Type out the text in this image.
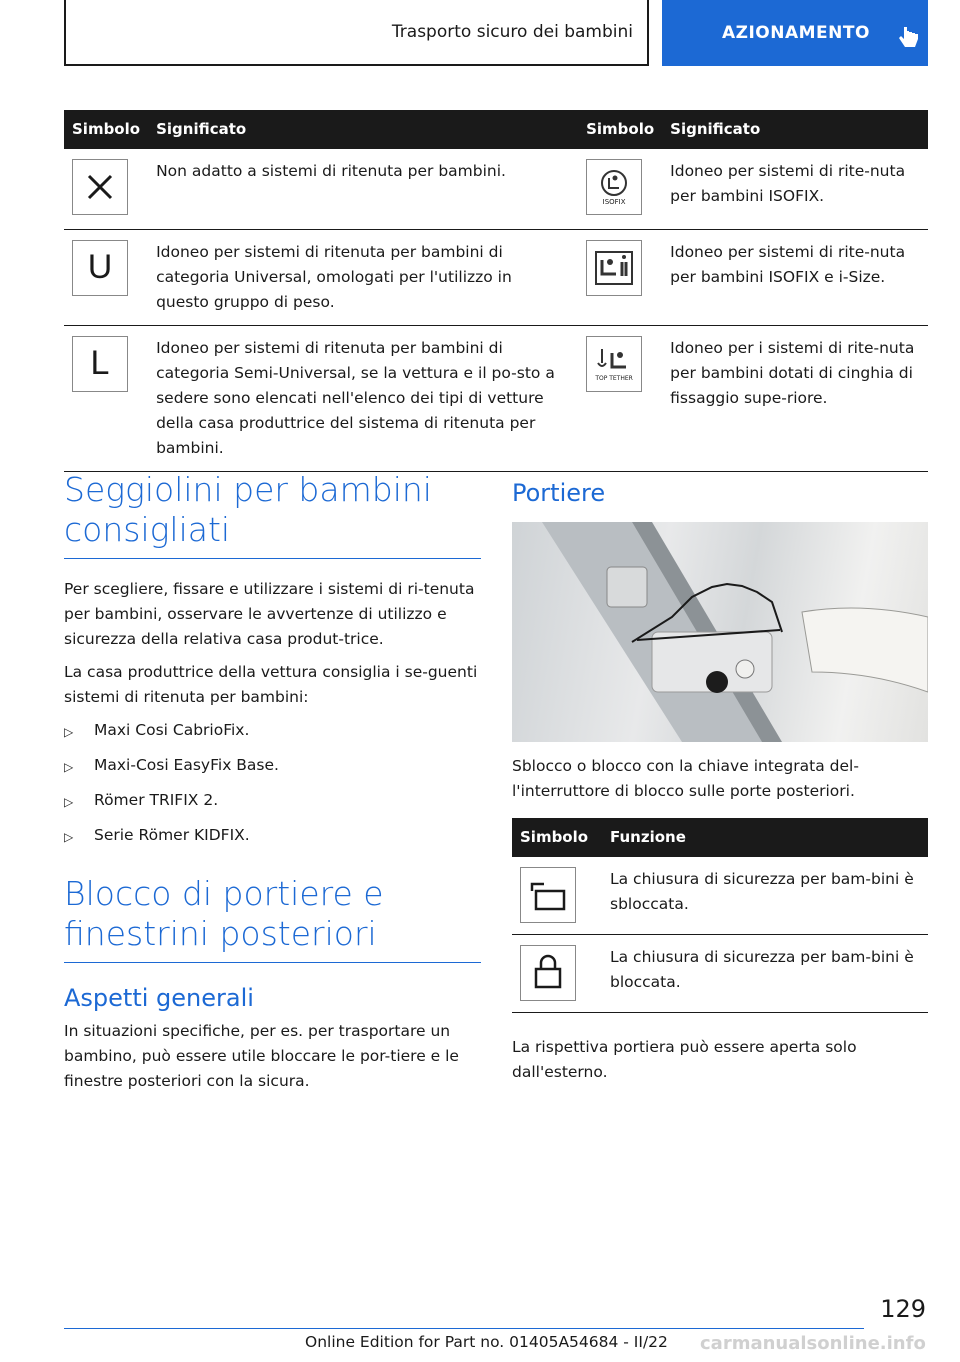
Trasporto sicuro dei bambini	AZIONAMENTO
Simbolo	Significato	Simbolo	Significato

	Non adatto a sistemi di ritenuta per bambini.	ISOFIX	Idoneo per sistemi di rite-nuta per bambini ISOFIX.

U	Idoneo per sistemi di ritenuta per bambini di categoria Universal, omologati per l'utilizzo in questo gruppo di peso.		Idoneo per sistemi di rite-nuta per bambini ISOFIX e i-Size.

L	Idoneo per sistemi di ritenuta per bambini di categoria Semi-Universal, se la vettura e il po-sto a sedere sono elencati nell'elenco dei tipi di vetture della casa produttrice del sistema di ritenuta per bambini.	TOP TETHER	Idoneo per i sistemi di rite-nuta per bambini dotati di cinghia di fissaggio supe-riore.
Seggiolini per bambini consigliati

Per scegliere, fissare e utilizzare i sistemi di ri-tenuta per bambini, osservare le avvertenze di utilizzo e sicurezza della relativa casa produt-trice.

La casa produttrice della vettura consiglia i se-guenti sistemi di ritenuta per bambini:

▷	Maxi Cosi CabrioFix.
▷	Maxi-Cosi EasyFix Base.
▷	Römer TRIFIX 2.
▷	Serie Römer KIDFIX.
Blocco di portiere e finestrini posteriori
Aspetti generali

In situazioni specifiche, per es. per trasportare un bambino, può essere utile bloccare le por-tiere e le finestre posteriori con la sicura.

Portiere

Sblocco o blocco con la chiave integrata del-l'interruttore di blocco sulle porte posteriori.

Simbolo	Funzione

	La chiusura di sicurezza per bam-bini è sbloccata.

	La chiusura di sicurezza per bam-bini è bloccata.

La rispettiva portiera può essere aperta solo dall'esterno.

129
Online Edition for Part no. 01405A54684 - II/22 carmanualsonline.info
